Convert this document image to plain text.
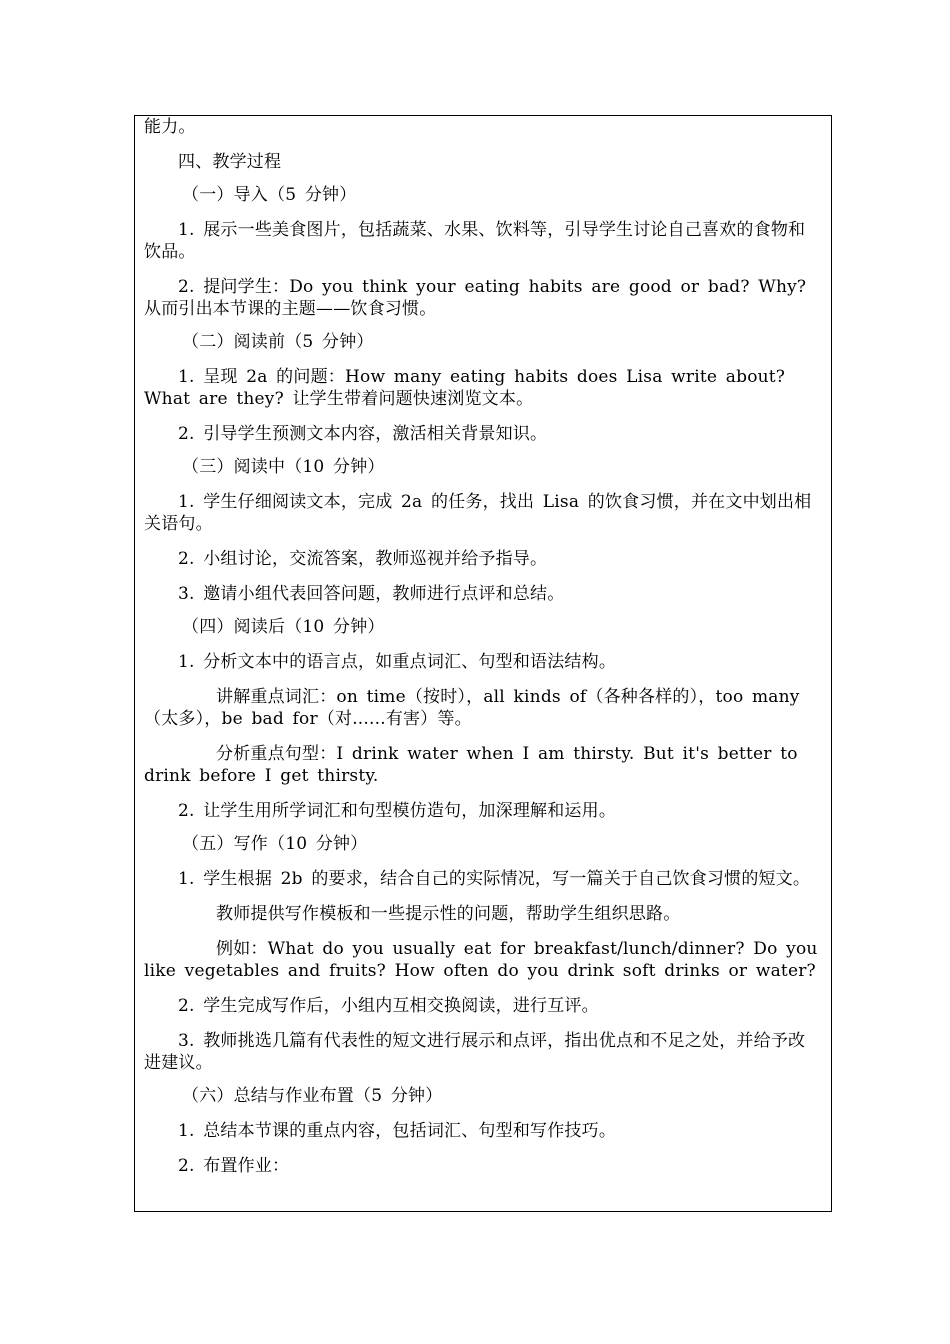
能力。

四、教学过程

（一）导入（5 分钟）

1. 展示一些美食图片，包括蔬菜、水果、饮料等，引导学生讨论自己喜欢的食物和饮品。

2. 提问学生：Do you think your eating habits are good or bad? Why? 从而引出本节课的主题——饮食习惯。

（二）阅读前（5 分钟）

1. 呈现 2a 的问题：How many eating habits does Lisa write about? What are they? 让学生带着问题快速浏览文本。

2. 引导学生预测文本内容，激活相关背景知识。

（三）阅读中（10 分钟）

1. 学生仔细阅读文本，完成 2a 的任务，找出 Lisa 的饮食习惯，并在文中划出相关语句。

2. 小组讨论，交流答案，教师巡视并给予指导。

3. 邀请小组代表回答问题，教师进行点评和总结。

（四）阅读后（10 分钟）

1. 分析文本中的语言点，如重点词汇、句型和语法结构。

讲解重点词汇：on time（按时），all kinds of（各种各样的），too many（太多），be bad for（对......有害）等。

分析重点句型：I drink water when I am thirsty. But it's better to drink before I get thirsty.

2. 让学生用所学词汇和句型模仿造句，加深理解和运用。

（五）写作（10 分钟）

1. 学生根据 2b 的要求，结合自己的实际情况，写一篇关于自己饮食习惯的短文。

教师提供写作模板和一些提示性的问题，帮助学生组织思路。

例如：What do you usually eat for breakfast/lunch/dinner? Do you like vegetables and fruits? How often do you drink soft drinks or water?

2. 学生完成写作后，小组内互相交换阅读，进行互评。

3. 教师挑选几篇有代表性的短文进行展示和点评，指出优点和不足之处，并给予改进建议。

（六）总结与作业布置（5 分钟）

1. 总结本节课的重点内容，包括词汇、句型和写作技巧。

2. 布置作业：
